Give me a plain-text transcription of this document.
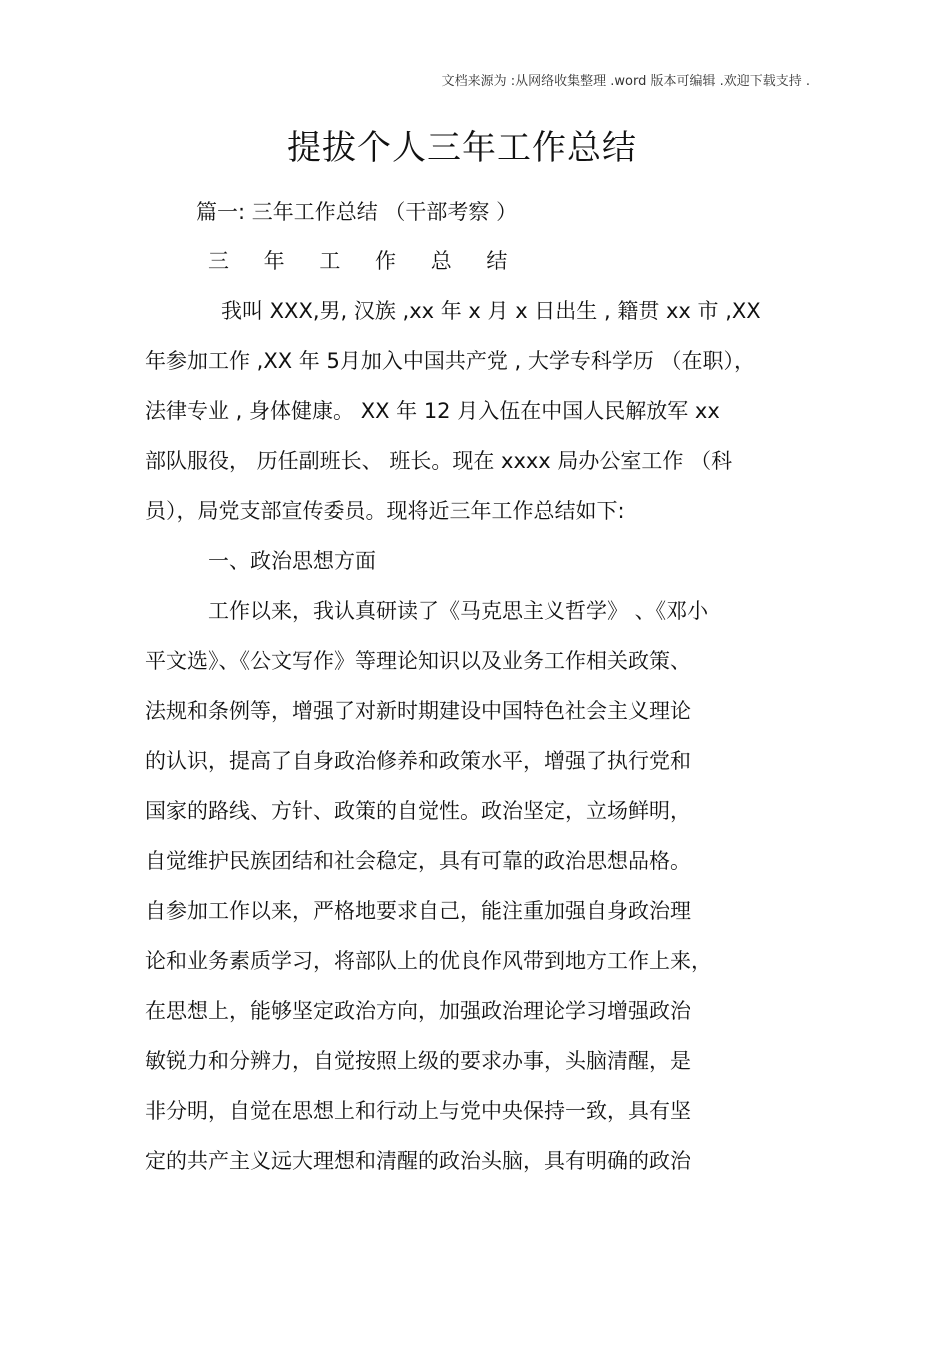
文档来源为 :从网络收集整理 .word 版本可编辑 .欢迎下载支持 .
提拔个人三年工作总结
篇一: 三年工作总结 （干部考察 ）
三 年 工 作 总 结
我叫 XXX,男, 汉族 ,xx 年 x 月 x 日出生 , 籍贯 xx 市 ,XX
年参加工作 ,XX 年 5月加入中国共产党 , 大学专科学历 （在职），
法律专业 , 身体健康。 XX 年 12 月入伍在中国人民解放军 xx
部队服役， 历任副班长、 班长。现在 xxxx 局办公室工作 （科
员），局党支部宣传委员。现将近三年工作总结如下:
一、政治思想方面
工作以来，我认真研读了《马克思主义哲学》 、《邓小
平文选》、《公文写作》等理论知识以及业务工作相关政策、
法规和条例等，增强了对新时期建设中国特色社会主义理论
的认识，提高了自身政治修养和政策水平，增强了执行党和
国家的路线、方针、政策的自觉性。政治坚定，立场鲜明，
自觉维护民族团结和社会稳定，具有可靠的政治思想品格。
自参加工作以来，严格地要求自己，能注重加强自身政治理
论和业务素质学习，将部队上的优良作风带到地方工作上来，
在思想上，能够坚定政治方向，加强政治理论学习增强政治
敏锐力和分辨力，自觉按照上级的要求办事，头脑清醒，是
非分明，自觉在思想上和行动上与党中央保持一致，具有坚
定的共产主义远大理想和清醒的政治头脑，具有明确的政治
